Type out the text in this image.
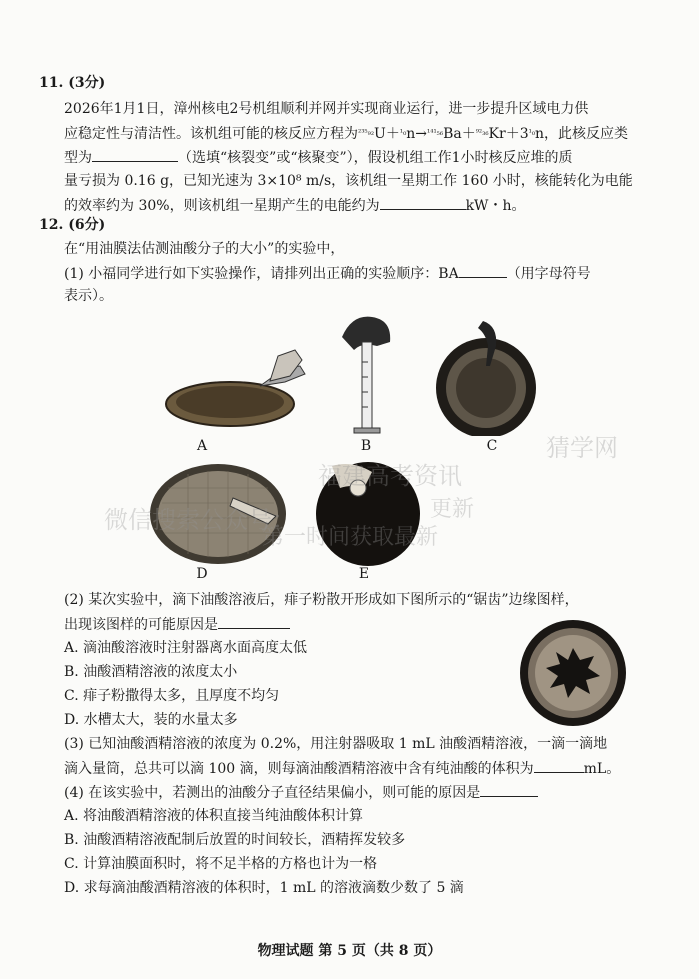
11. (3分)
2026年1月1日，漳州核电2号机组顺利并网并实现商业运行，进一步提升区域电力供
应稳定性与清洁性。该机组可能的核反应方程为$^{^{235}_{92}}U+^{^1_0}n\to^{^{141}_{56}}Ba+^{^{92}_{36}}Kr+3^{^1_0}n$，此核反应类
型为	（选填“核裂变”或“核聚变”），假设机组工作1小时核反应堆的质
量亏损为 0.16 g，已知光速为 3×10⁸ m/s，该机组一星期工作 160 小时，核能转化为电能
的效率约为 30%，则该机组一星期产生的电能约为	kW・h。
12. (6分)
在“用油膜法估测油酸分子的大小”的实验中，
(1) 小福同学进行如下实验操作，请排列出正确的实验顺序：BA	（用字母符号
表示）。
A	B	C
D	E
(2) 某次实验中，滴下油酸溶液后，痱子粉散开形成如下图所示的“锯齿”边缘图样，
出现该图样的可能原因是
A. 滴油酸溶液时注射器离水面高度太低
B. 油酸酒精溶液的浓度太小
C. 痱子粉撒得太多，且厚度不均匀
D. 水槽太大，装的水量太多
(3) 已知油酸酒精溶液的浓度为 0.2%，用注射器吸取 1 mL 油酸酒精溶液，一滴一滴地
滴入量筒，总共可以滴 100 滴，则每滴油酸酒精溶液中含有纯油酸的体积为	mL。
(4) 在该实验中，若测出的油酸分子直径结果偏小，则可能的原因是
A. 将油酸酒精溶液的体积直接当纯油酸体积计算
B. 油酸酒精溶液配制后放置的时间较长，酒精挥发较多
C. 计算油膜面积时，将不足半格的方格也计为一格
D. 求每滴油酸酒精溶液的体积时，1 mL 的溶液滴数少数了 5 滴
微信搜索公众号：
福建高考资讯
猜学网
第一时间获取最新
更新
物理试题 第 5 页（共 8 页）
